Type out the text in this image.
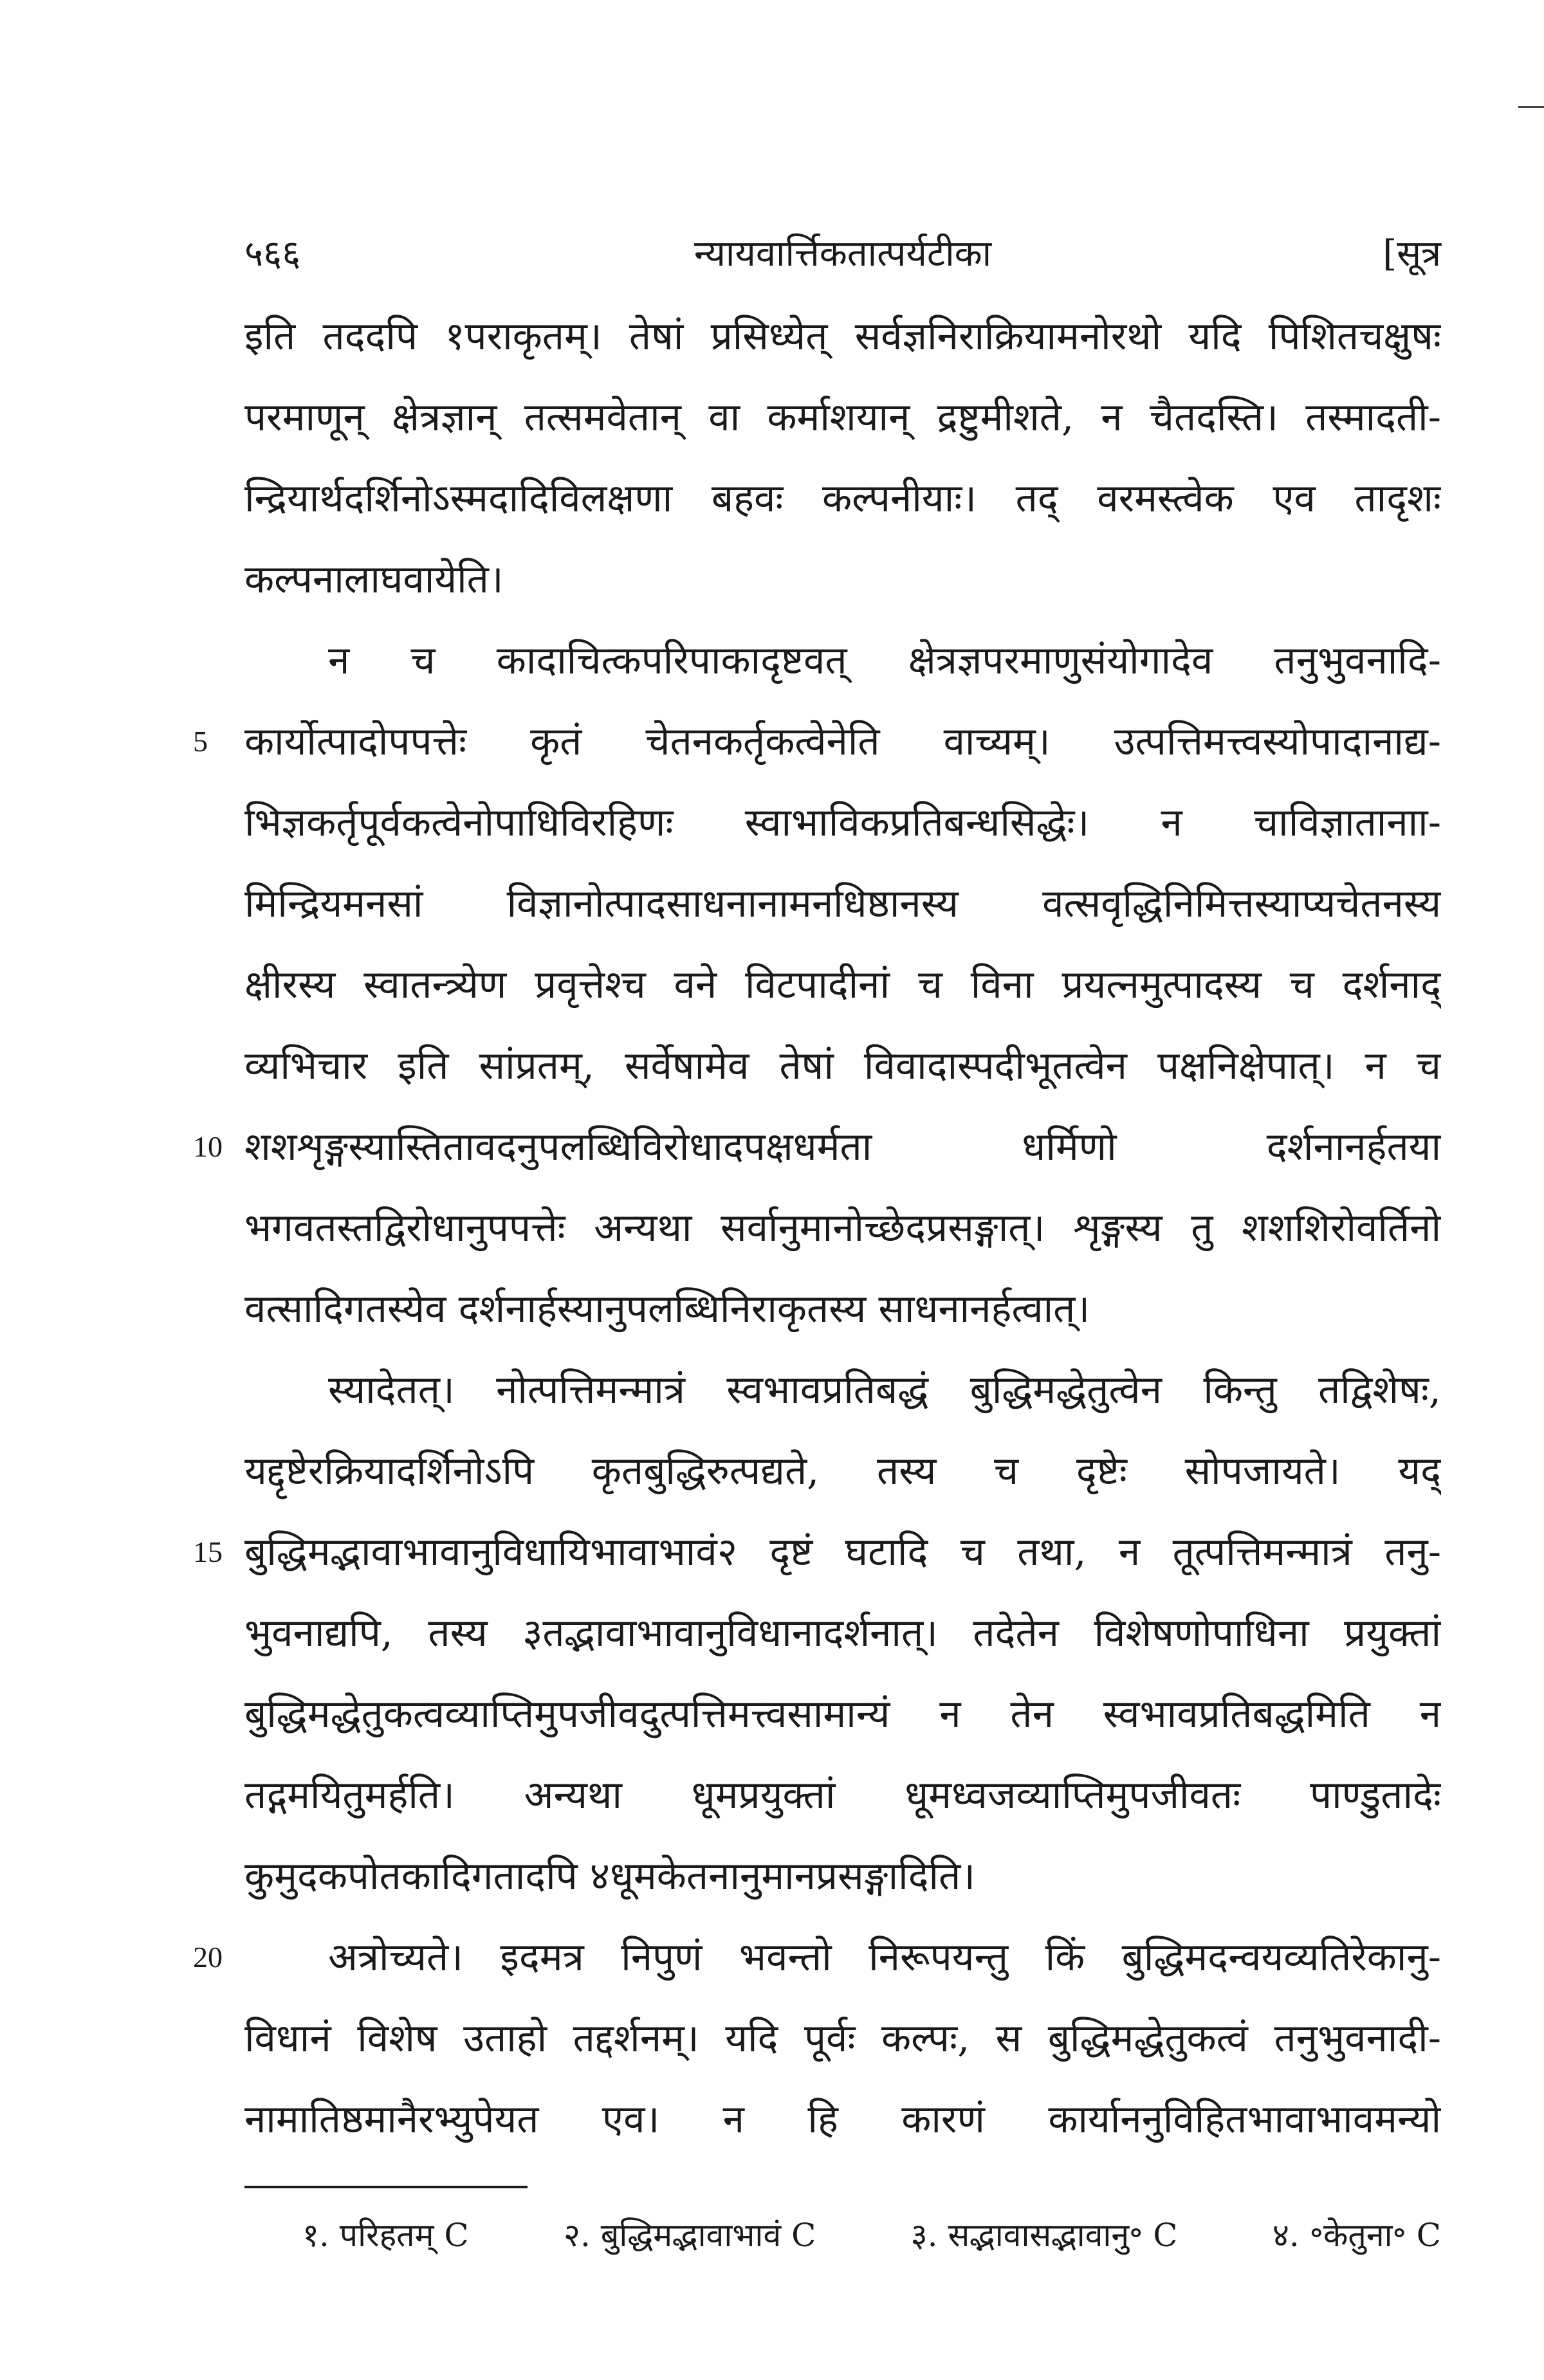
न्यायवार्त्तिकतात्पर्यटीका
५६६	[सूत्र
5
10
15
20
इति तददपि १पराकृतम्। तेषां प्रसिध्येत् सर्वज्ञनिराक्रियामनोरथो यदि पिशितचक्षुषः
परमाणून् क्षेत्रज्ञान् तत्समवेतान् वा कर्माशयान् द्रष्टुमीशते, न चैतदस्ति। तस्मादती-
न्द्रियार्थदर्शिनोऽस्मदादिविलक्षणा बहवः कल्पनीयाः। तद् वरमस्त्वेक एव तादृशः
कल्पनालाघवायेति।
न च कादाचित्कपरिपाकादृष्टवत् क्षेत्रज्ञपरमाणुसंयोगादेव तनुभुवनादि-
कार्योत्पादोपपत्तेः कृतं चेतनकर्तृकत्वेनेति वाच्यम्। उत्पत्तिमत्त्वस्योपादानाद्य-
भिज्ञकर्तृपूर्वकत्वेनोपाधिविरहिणः स्वाभाविकप्रतिबन्धसिद्धेः। न चाविज्ञातानाा-
मिन्द्रियमनसां विज्ञानोत्पादसाधनानामनधिष्ठानस्य वत्सवृद्धिनिमित्तस्याप्यचेतनस्य
क्षीरस्य स्वातन्त्र्येण प्रवृत्तेश्च वने विटपादीनां च विना प्रयत्नमुत्पादस्य च दर्शनाद्
व्यभिचार इति सांप्रतम्, सर्वेषामेव तेषां विवादास्पदीभूतत्वेन पक्षनिक्षेपात्। न च
शशशृङ्गस्यास्तितावदनुपलब्धिविरोधादपक्षधर्मता धर्मिणो दर्शनानर्हतया
भगवतस्तद्विरोधानुपपत्तेः अन्यथा सर्वानुमानोच्छेदप्रसङ्गात्। शृङ्गस्य तु शशशिरोवर्तिनो
वत्सादिगतस्येव दर्शनार्हस्यानुपलब्धिनिराकृतस्य साधनानर्हत्वात्।
स्यादेतत्। नोत्पत्तिमन्मात्रं स्वभावप्रतिबद्धं बुद्धिमद्धेतुत्वेन किन्तु तद्विशेषः,
यद्दृष्टेरक्रियादर्शिनोऽपि कृतबुद्धिरुत्पद्यते, तस्य च दृष्टेः सोपजायते। यद्
बुद्धिमद्भावाभावानुविधायिभावाभावं२ दृष्टं घटादि च तथा, न तूत्पत्तिमन्मात्रं तनु-
भुवनाद्यपि, तस्य ३तद्भावाभावानुविधानादर्शनात्। तदेतेन विशेषणोपाधिना प्रयुक्तां
बुद्धिमद्धेतुकत्वव्याप्तिमुपजीवदुत्पत्तिमत्त्वसामान्यं न तेन स्वभावप्रतिबद्धमिति न
तद्गमयितुमर्हति। अन्यथा धूमप्रयुक्तां धूमध्वजव्याप्तिमुपजीवतः पाण्डुतादेः
कुमुदकपोतकादिगतादपि ४धूमकेतनानुमानप्रसङ्गादिति।
अत्रोच्यते। इदमत्र निपुणं भवन्तो निरूपयन्तु किं बुद्धिमदन्वयव्यतिरेकानु-
विधानं विशेष उताहो तद्दर्शनम्। यदि पूर्वः कल्पः, स बुद्धिमद्धेतुकत्वं तनुभुवनादी-
नामातिष्ठमानैरभ्युपेयत एव। न हि कारणं कार्याननुविहितभावाभावमन्यो
१. परिहतम् C	२. बुद्धिमद्भावाभावं C	३. सद्भावासद्भावानु॰ C	४. ॰केतुना॰ C
